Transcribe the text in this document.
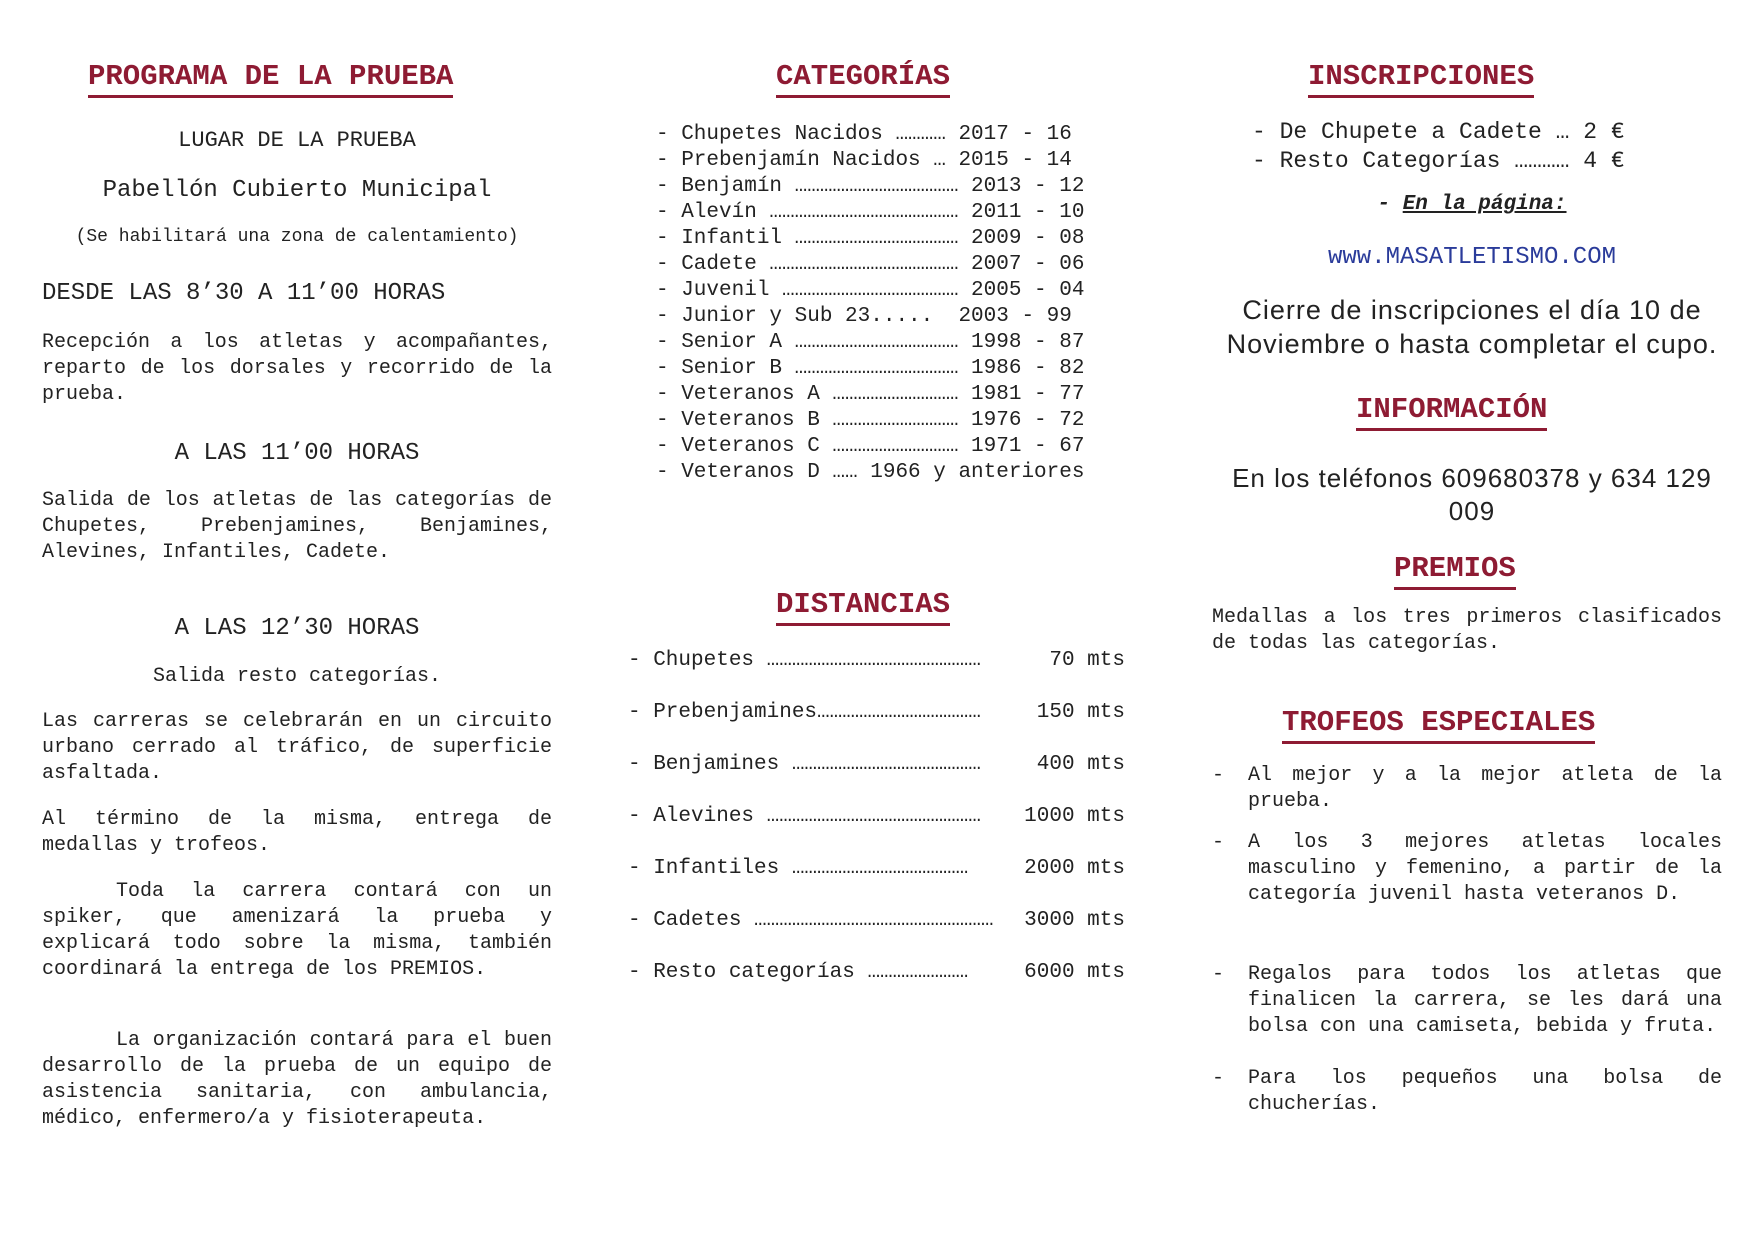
PROGRAMA DE LA PRUEBA

LUGAR DE LA PRUEBA

Pabellón Cubierto Municipal

(Se habilitará una zona de calentamiento)

DESDE LAS 8’30 A 11’00 HORAS

Recepción a los atletas y acompañantes, reparto de los dorsales y recorrido de la prueba.

A LAS 11’00 HORAS

Salida de los atletas de las categorías de Chupetes, Prebenjamines, Benjamines, Alevines, Infantiles, Cadete.

A LAS 12’30 HORAS

Salida resto categorías.

Las carreras se celebrarán en un circuito urbano cerrado al tráfico, de superficie asfaltada.

Al término de la misma, entrega de medallas y trofeos.

Toda la carrera contará con un spiker, que amenizará la prueba y explicará todo sobre la misma, también coordinará la entrega de los PREMIOS.

La organización contará para el buen desarrollo de la prueba de un equipo de asistencia sanitaria, con ambulancia, médico, enfermero/a y fisioterapeuta.

CATEGORÍAS
- Chupetes Nacidos ………… 2017 - 16
- Prebenjamín Nacidos … 2015 - 14
- Benjamín ………………………………… 2013 - 12
- Alevín ……………………………………… 2011 - 10
- Infantil ………………………………… 2009 - 08
- Cadete ……………………………………… 2007 - 06
- Juvenil …………………………………… 2005 - 04
- Junior y Sub 23.....  2003 - 99
- Senior A ………………………………… 1998 - 87
- Senior B ………………………………… 1986 - 82
- Veteranos A ………………………… 1981 - 77
- Veteranos B ………………………… 1976 - 72
- Veteranos C ………………………… 1971 - 67
- Veteranos D …… 1966 y anteriores
DISTANCIAS
- Chupetes ……………………………………………	70 mts
- Prebenjamines…………………………………	150 mts
- Benjamines ………………………………………	400 mts
- Alevines ……………………………………………	1000 mts
- Infantiles ……………………………………	2000 mts
- Cadetes …………………………………………………	3000 mts
- Resto categorías ……………………	6000 mts
INSCRIPCIONES
- De Chupete a Cadete … 2 €
- Resto Categorías ………… 4 €

- En la página:

www.MASATLETISMO.COM

Cierre de inscripciones el día 10 de Noviembre o hasta completar el cupo.

INFORMACIÓN

En los teléfonos 609680378 y 634 129 009

PREMIOS

Medallas a los tres primeros clasificados de todas las categorías.

TROFEOS ESPECIALES
- Al mejor y a la mejor atleta de la prueba.

- A los 3 mejores atletas locales masculino y femenino, a partir de la categoría juvenil hasta veteranos D.

- Regalos para todos los atletas que finalicen la carrera, se les dará una bolsa con una camiseta, bebida y fruta.

- Para los pequeños una bolsa de chucherías.
